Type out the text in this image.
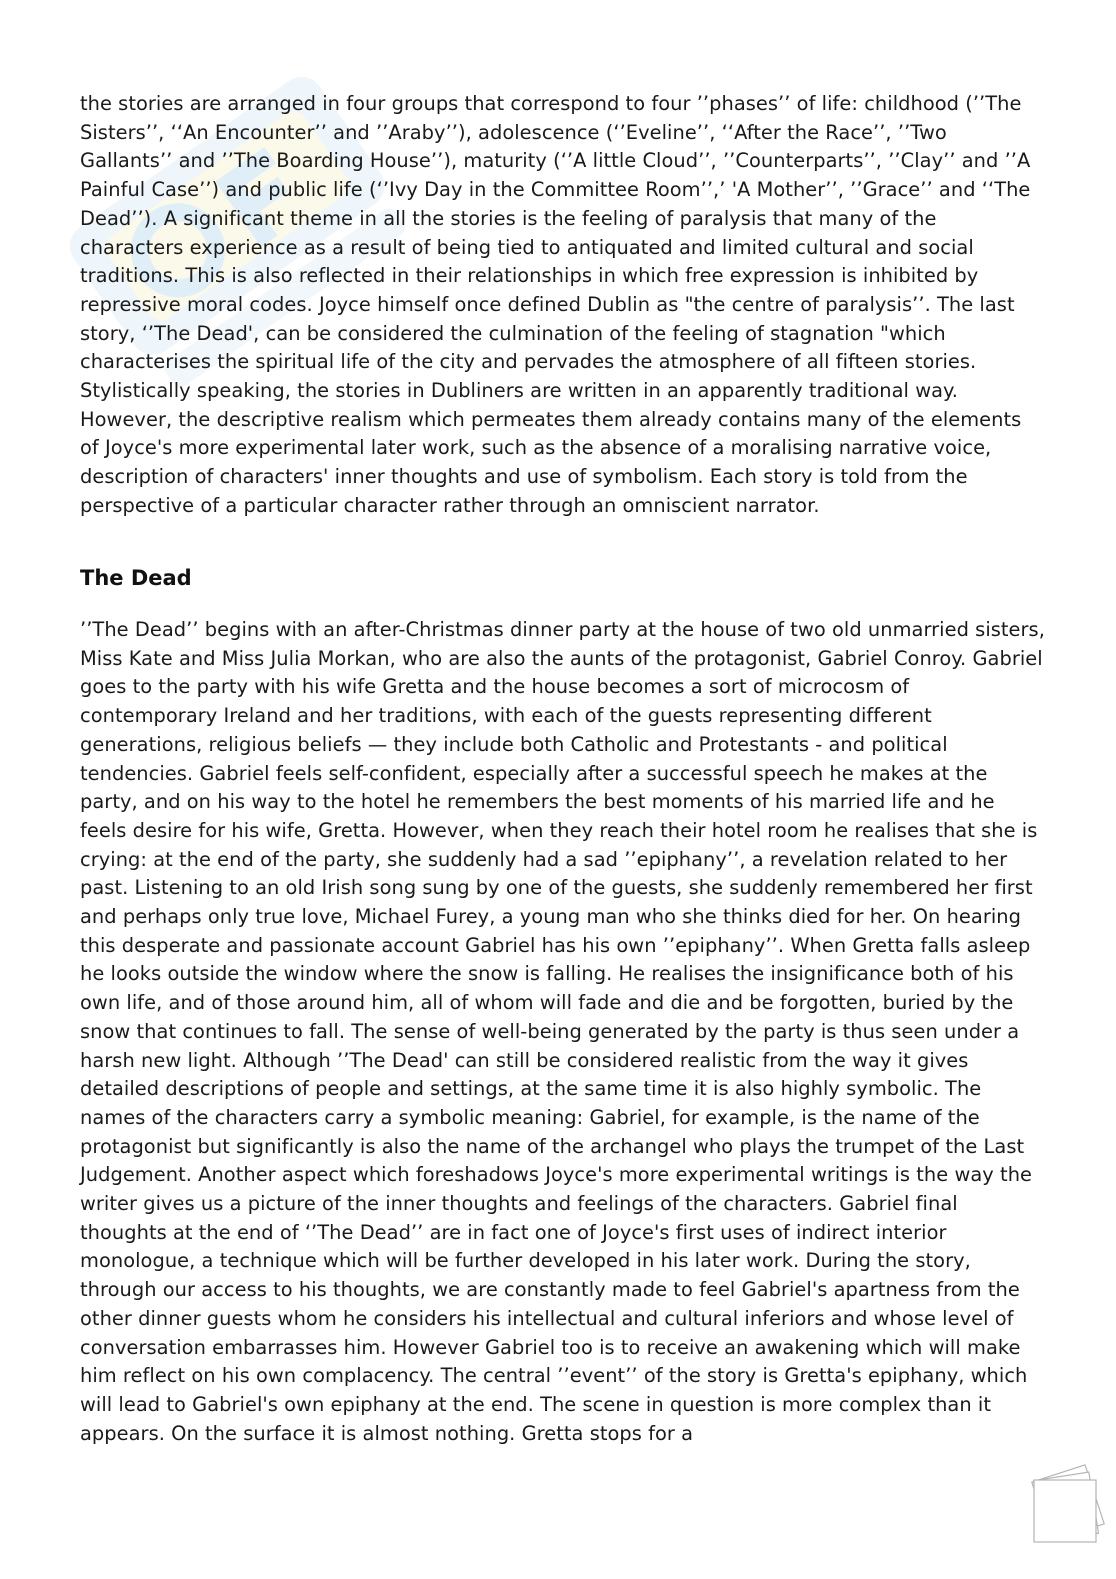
the stories are arranged in four groups that correspond to four ’’phases’’ of life: childhood (’’The Sisters’’, ‘‘An Encounter’’ and ’’Araby’’), adolescence (‘’Eveline’’, ‘‘After the Race’’, ’’Two Gallants’’ and ’’The Boarding House’’), maturity (‘’A little Cloud’’, ’’Counterparts’’, ’’Clay’’ and ’’A Painful Case’’) and public life (‘’Ivy Day in the Committee Room’’,’ 'A Mother’’, ’’Grace’’ and ‘‘The Dead’’). A significant theme in all the stories is the feeling of paralysis that many of the characters experience as a result of being tied to antiquated and limited cultural and social traditions. This is also reflected in their relationships in which free expression is inhibited by repressive moral codes. Joyce himself once defined Dublin as "the centre of paralysis’’. The last story, ‘’The Dead', can be considered the culmination of the feeling of stagnation "which characterises the spiritual life of the city and pervades the atmosphere of all fifteen stories. Stylistically speaking, the stories in Dubliners are written in an apparently traditional way. However, the descriptive realism which permeates them already contains many of the elements of Joyce's more experimental later work, such as the absence of a moralising narrative voice, description of characters' inner thoughts and use of symbolism. Each story is told from the perspective of a particular character rather through an omniscient narrator.

The Dead

’’The Dead’’ begins with an after-Christmas dinner party at the house of two old unmarried sisters, Miss Kate and Miss Julia Morkan, who are also the aunts of the protagonist, Gabriel Conroy. Gabriel goes to the party with his wife Gretta and the house becomes a sort of microcosm of contemporary Ireland and her traditions, with each of the guests representing different generations, religious beliefs — they include both Catholic and Protestants - and political tendencies. Gabriel feels self-confident, especially after a successful speech he makes at the party, and on his way to the hotel he remembers the best moments of his married life and he feels desire for his wife, Gretta. However, when they reach their hotel room he realises that she is crying: at the end of the party, she suddenly had a sad ’’epiphany’’, a revelation related to her past. Listening to an old Irish song sung by one of the guests, she suddenly remembered her first and perhaps only true love, Michael Furey, a young man who she thinks died for her. On hearing this desperate and passionate account Gabriel has his own ’’epiphany’’. When Gretta falls asleep he looks outside the window where the snow is falling. He realises the insignificance both of his own life, and of those around him, all of whom will fade and die and be forgotten, buried by the snow that continues to fall. The sense of well-being generated by the party is thus seen under a harsh new light. Although ’’The Dead' can still be considered realistic from the way it gives detailed descriptions of people and settings, at the same time it is also highly symbolic. The names of the characters carry a symbolic meaning: Gabriel, for example, is the name of the protagonist but significantly is also the name of the archangel who plays the trumpet of the Last Judgement. Another aspect which foreshadows Joyce's more experimental writings is the way the writer gives us a picture of the inner thoughts and feelings of the characters. Gabriel final thoughts at the end of ‘’The Dead’’ are in fact one of Joyce's first uses of indirect interior monologue, a technique which will be further developed in his later work. During the story, through our access to his thoughts, we are constantly made to feel Gabriel's apartness from the other dinner guests whom he considers his intellectual and cultural inferiors and whose level of conversation embarrasses him. However Gabriel too is to receive an awakening which will make him reflect on his own complacency. The central ’’event’’ of the story is Gretta's epiphany, which will lead to Gabriel's own epiphany at the end. The scene in question is more complex than it appears. On the surface it is almost nothing. Gretta stops for a
